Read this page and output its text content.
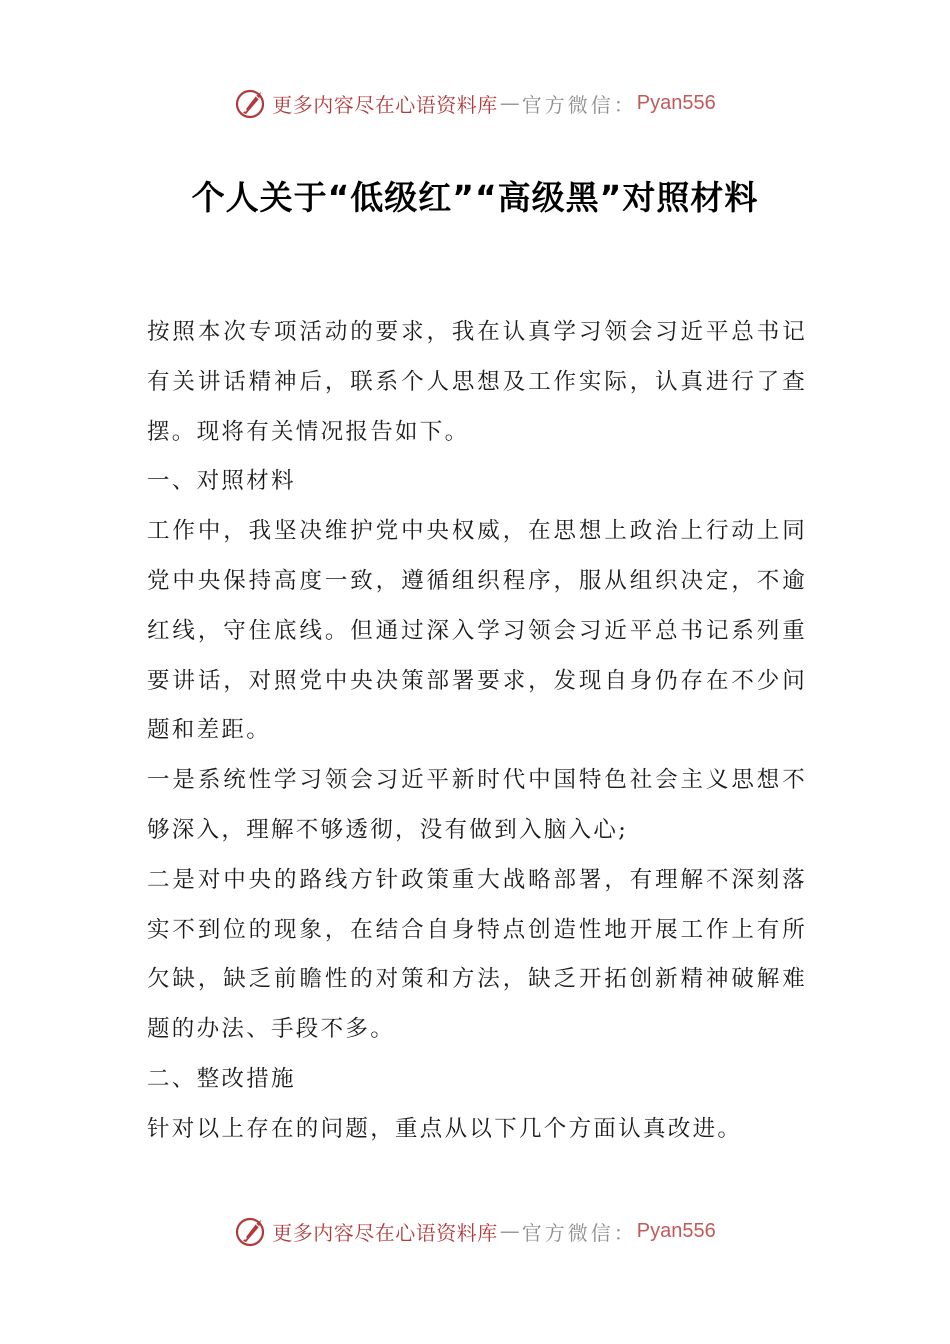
更多内容尽在心语资料库 — 官方微信： Pyan556
个人关于“低级红”“高级黑”对照材料

按照本次专项活动的要求，我在认真学习领会习近平总书记有关讲话精神后，联系个人思想及工作实际，认真进行了查摆。现将有关情况报告如下。

一、对照材料

工作中，我坚决维护党中央权威，在思想上政治上行动上同党中央保持高度一致，遵循组织程序，服从组织决定，不逾红线，守住底线。但通过深入学习领会习近平总书记系列重要讲话，对照党中央决策部署要求，发现自身仍存在不少问题和差距。

一是系统性学习领会习近平新时代中国特色社会主义思想不够深入，理解不够透彻，没有做到入脑入心;

二是对中央的路线方针政策重大战略部署，有理解不深刻落实不到位的现象，在结合自身特点创造性地开展工作上有所欠缺，缺乏前瞻性的对策和方法，缺乏开拓创新精神破解难题的办法、手段不多。

二、整改措施

针对以上存在的问题，重点从以下几个方面认真改进。

更多内容尽在心语资料库 — 官方微信： Pyan556
